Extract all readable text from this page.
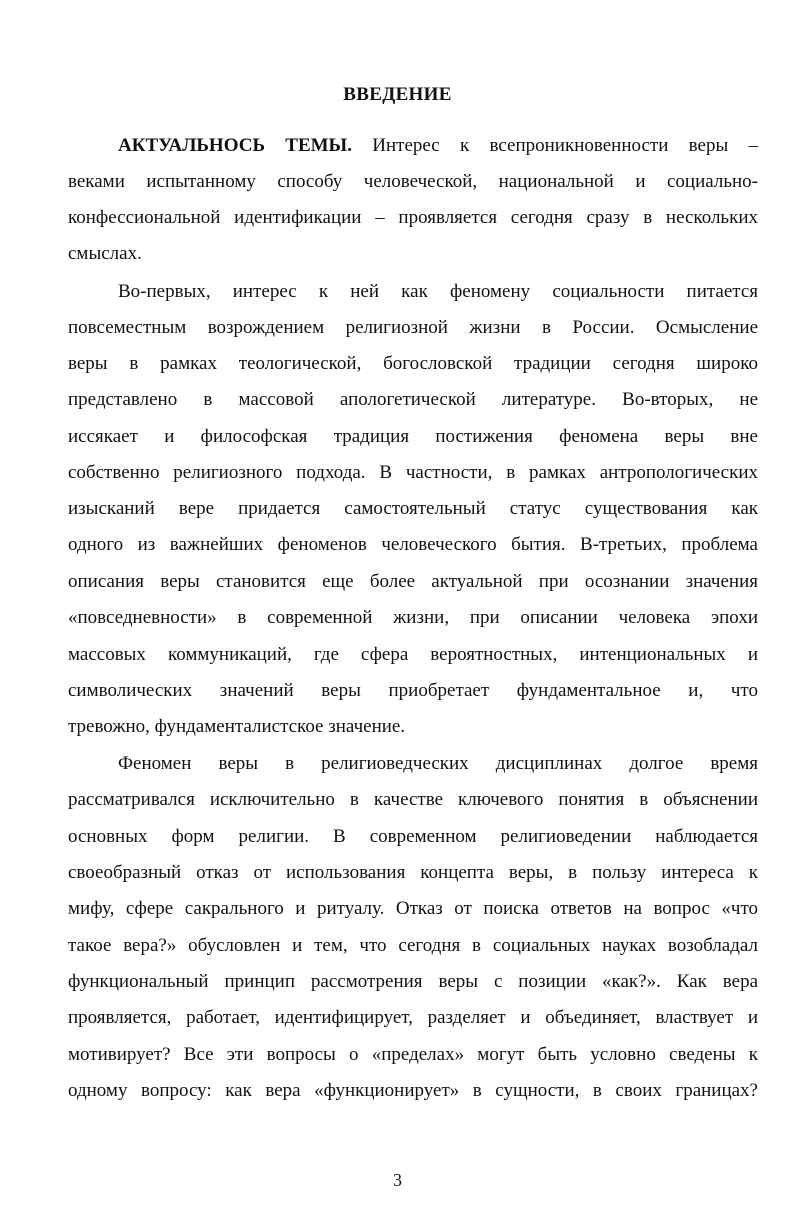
ВВЕДЕНИЕ
АКТУАЛЬНОСЬ ТЕМЫ. Интерес к всепроникновенности веры –
веками испытанному способу человеческой, национальной и социально-
конфессиональной идентификации – проявляется сегодня сразу в нескольких
смыслах.
Во-первых, интерес к ней как феномену социальности питается
повсеместным возрождением религиозной жизни в России. Осмысление
веры в рамках теологической, богословской традиции сегодня широко
представлено в массовой апологетической литературе. Во-вторых, не
иссякает и философская традиция постижения феномена веры вне
собственно религиозного подхода. В частности, в рамках антропологических
изысканий вере придается самостоятельный статус существования как
одного из важнейших феноменов человеческого бытия. В-третьих, проблема
описания веры становится еще более актуальной при осознании значения
«повседневности» в современной жизни, при описании человека эпохи
массовых коммуникаций, где сфера вероятностных, интенциональных и
символических значений веры приобретает фундаментальное и, что
тревожно, фундаменталистское значение.
Феномен веры в религиоведческих дисциплинах долгое время
рассматривался исключительно в качестве ключевого понятия в объяснении
основных форм религии. В современном религиоведении наблюдается
своеобразный отказ от использования концепта веры, в пользу интереса к
мифу, сфере сакрального и ритуалу. Отказ от поиска ответов на вопрос «что
такое вера?» обусловлен и тем, что сегодня в социальных науках возобладал
функциональный принцип рассмотрения веры с позиции «как?». Как вера
проявляется, работает, идентифицирует, разделяет и объединяет, властвует и
мотивирует? Все эти вопросы о «пределах» могут быть условно сведены к
одному вопросу: как вера «функционирует» в сущности, в своих границах?
3
